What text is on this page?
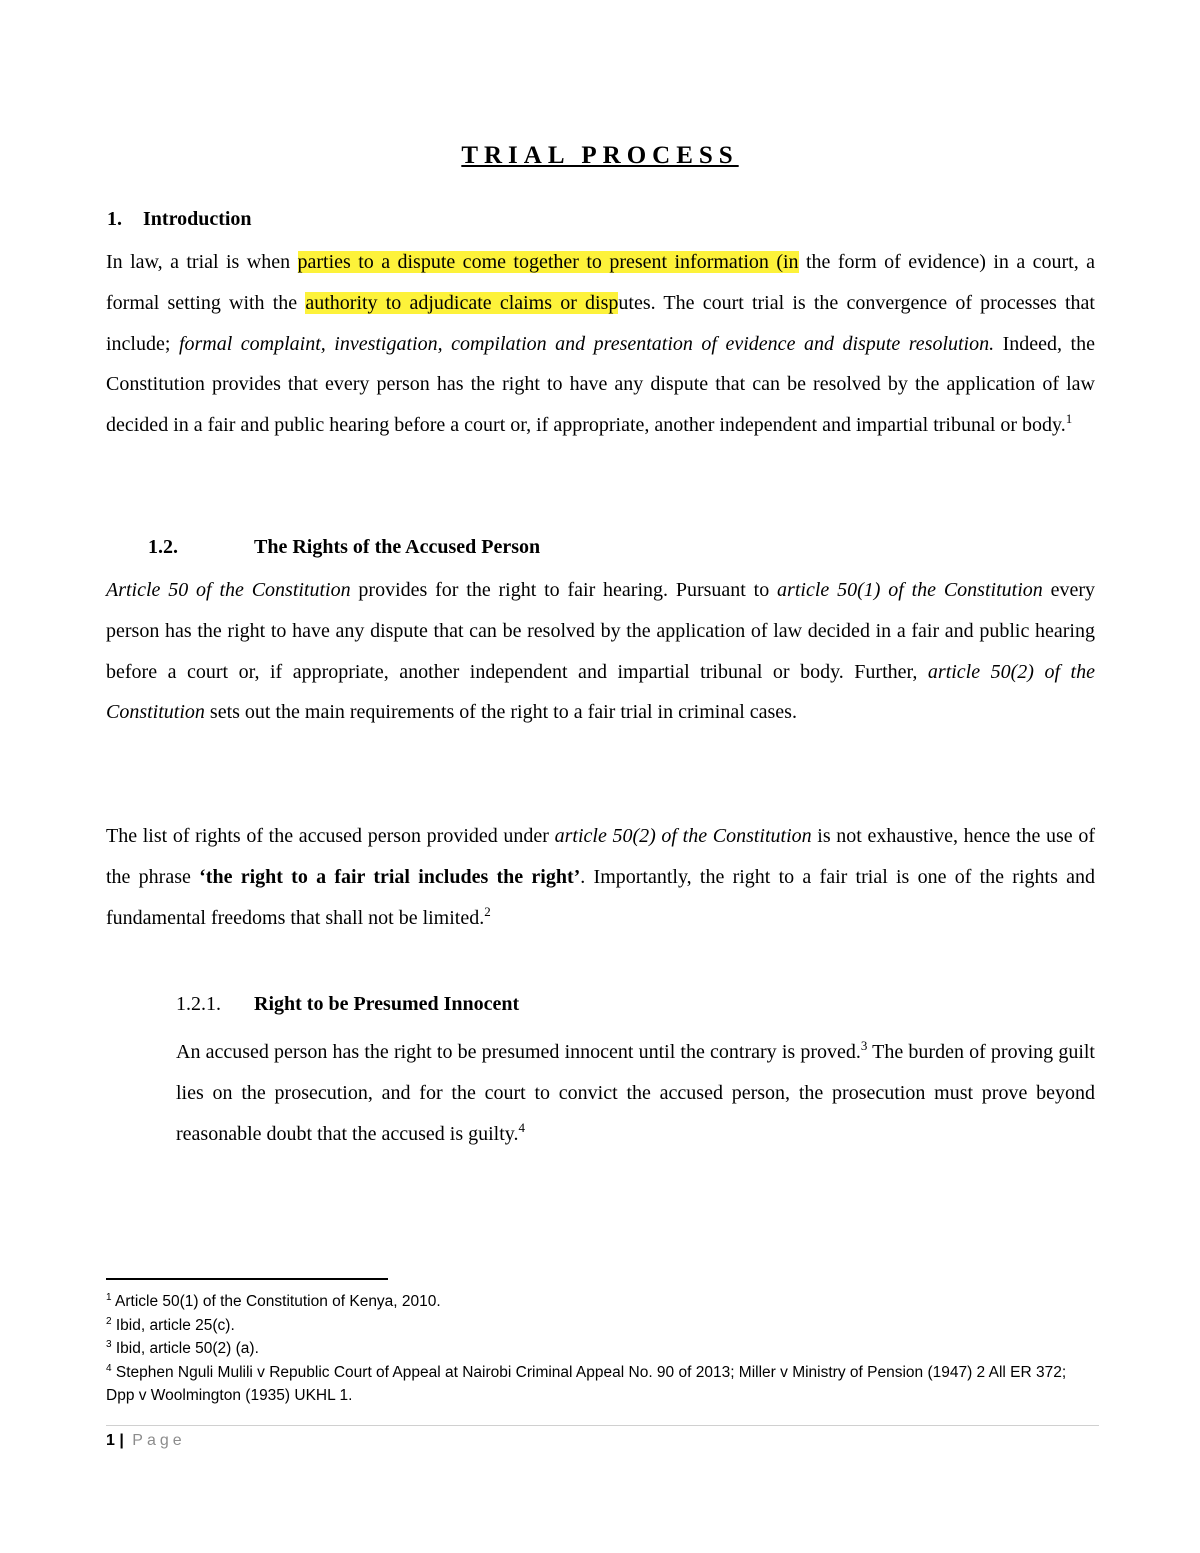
TRIAL PROCESS
1. Introduction

In law, a trial is when parties to a dispute come together to present information (in the form of evidence) in a court, a formal setting with the authority to adjudicate claims or disputes. The court trial is the convergence of processes that include; formal complaint, investigation, compilation and presentation of evidence and dispute resolution. Indeed, the Constitution provides that every person has the right to have any dispute that can be resolved by the application of law decided in a fair and public hearing before a court or, if appropriate, another independent and impartial tribunal or body.$^1$

1.2.	The Rights of the Accused Person

Article 50 of the Constitution provides for the right to fair hearing. Pursuant to article 50(1) of the Constitution every person has the right to have any dispute that can be resolved by the application of law decided in a fair and public hearing before a court or, if appropriate, another independent and impartial tribunal or body. Further, article 50(2) of the Constitution sets out the main requirements of the right to a fair trial in criminal cases.

The list of rights of the accused person provided under article 50(2) of the Constitution is not exhaustive, hence the use of the phrase ‘the right to a fair trial includes the right’. Importantly, the right to a fair trial is one of the rights and fundamental freedoms that shall not be limited.$^2$

1.2.1. Right to be Presumed Innocent

An accused person has the right to be presumed innocent until the contrary is proved.$^3$ The burden of proving guilt lies on the prosecution, and for the court to convict the accused person, the prosecution must prove beyond reasonable doubt that the accused is guilty.$^4$

$^1$ Article 50(1) of the Constitution of Kenya, 2010.

$^2$ Ibid, article 25(c).

$^3$ Ibid, article 50(2) (a).

$^4$ Stephen Nguli Mulili v Republic Court of Appeal at Nairobi Criminal Appeal No. 90 of 2013; Miller v Ministry of Pension (1947) 2 All ER 372; Dpp v Woolmington (1935) UKHL 1.

1 | Page
